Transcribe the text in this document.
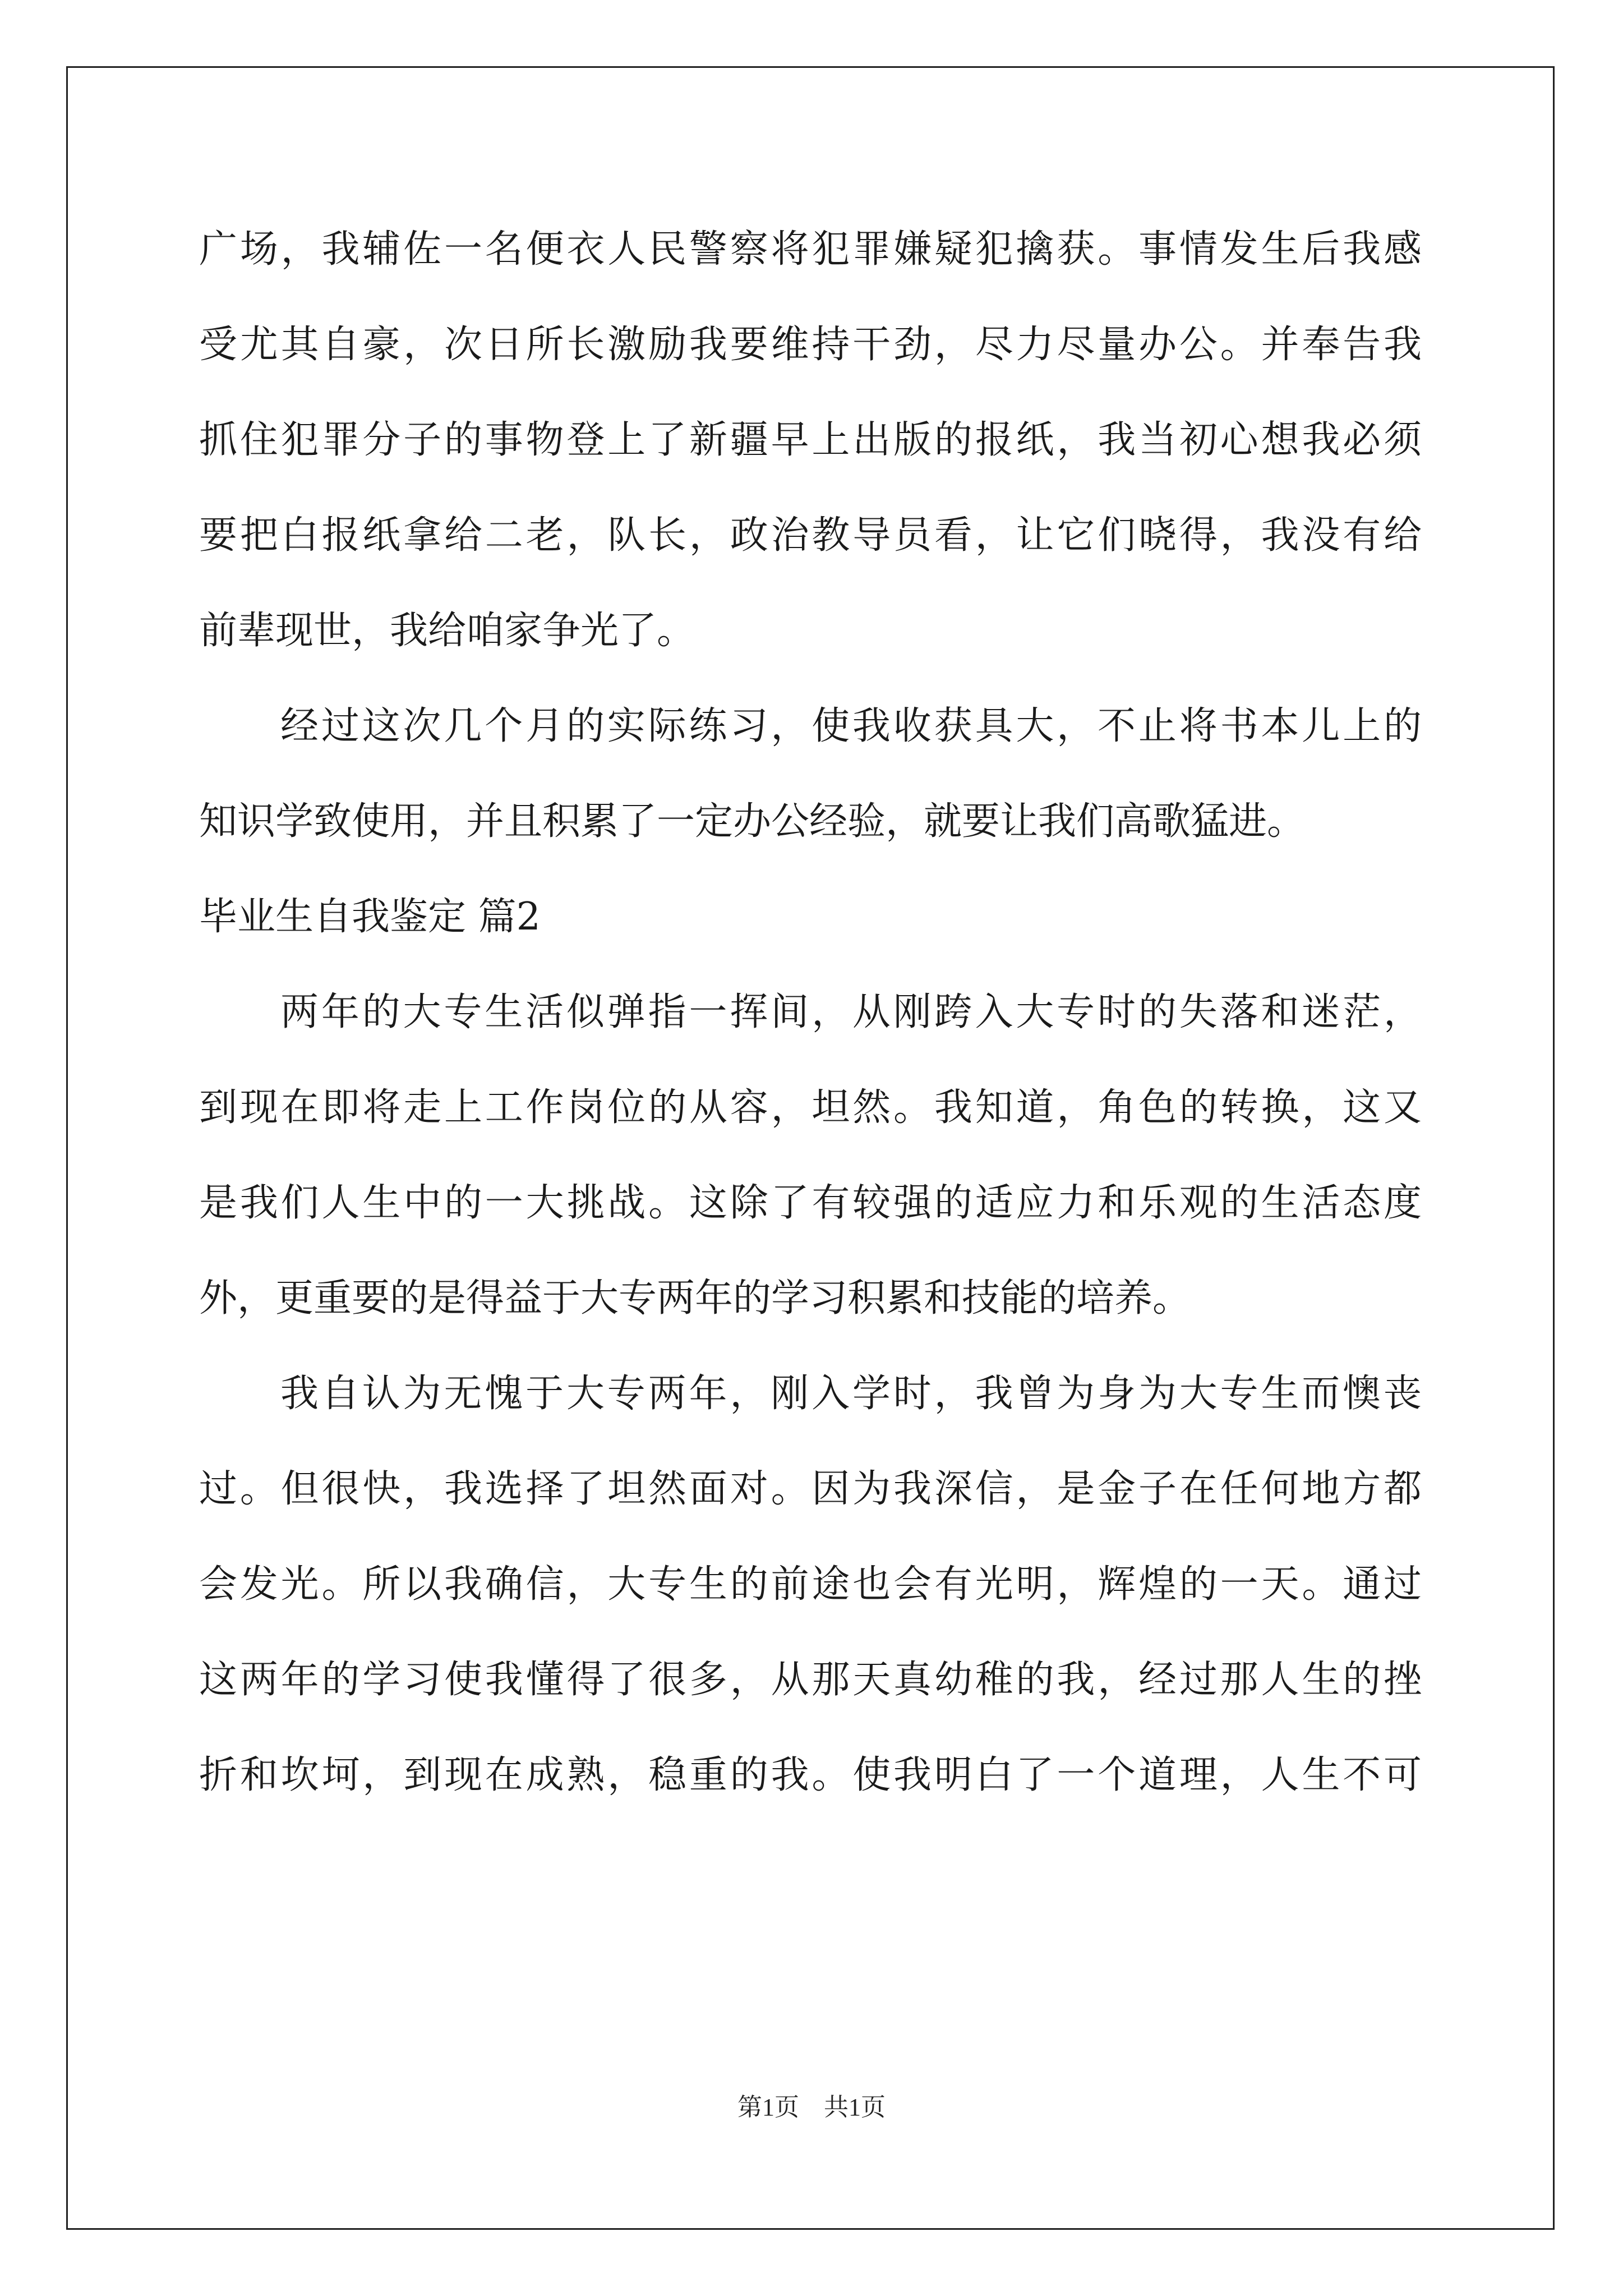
广场，我辅佐一名便衣人民警察将犯罪嫌疑犯擒获。事情发生后我感
受尤其自豪，次日所长激励我要维持干劲，尽力尽量办公。并奉告我
抓住犯罪分子的事物登上了新疆早上出版的报纸，我当初心想我必须
要把白报纸拿给二老，队长，政治教导员看，让它们晓得，我没有给
前辈现世，我给咱家争光了。
经过这次几个月的实际练习，使我收获具大，不止将书本儿上的
知识学致使用，并且积累了一定办公经验，就要让我们高歌猛进。
毕业生自我鉴定 篇2
两年的大专生活似弹指一挥间，从刚跨入大专时的失落和迷茫，
到现在即将走上工作岗位的从容，坦然。我知道，角色的转换，这又
是我们人生中的一大挑战。这除了有较强的适应力和乐观的生活态度
外，更重要的是得益于大专两年的学习积累和技能的培养。
我自认为无愧于大专两年，刚入学时，我曾为身为大专生而懊丧
过。但很快，我选择了坦然面对。因为我深信，是金子在任何地方都
会发光。所以我确信，大专生的前途也会有光明，辉煌的一天。通过
这两年的学习使我懂得了很多，从那天真幼稚的我，经过那人生的挫
折和坎坷，到现在成熟，稳重的我。使我明白了一个道理，人生不可
第1页　共1页
